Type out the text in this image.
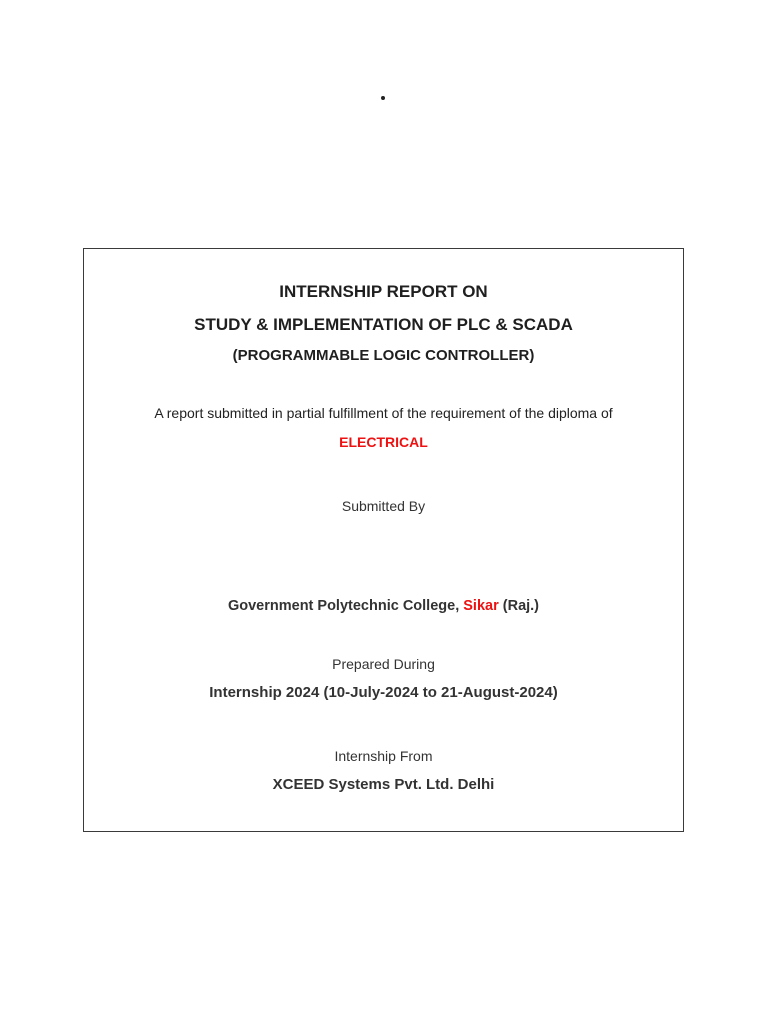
INTERNSHIP REPORT ON
STUDY & IMPLEMENTATION OF PLC & SCADA
(PROGRAMMABLE LOGIC CONTROLLER)
A report submitted in partial fulfillment of the requirement of the diploma of
ELECTRICAL
Submitted By
Government Polytechnic College, Sikar (Raj.)
Prepared During
Internship 2024 (10-July-2024 to 21-August-2024)
Internship From
XCEED Systems Pvt. Ltd. Delhi
